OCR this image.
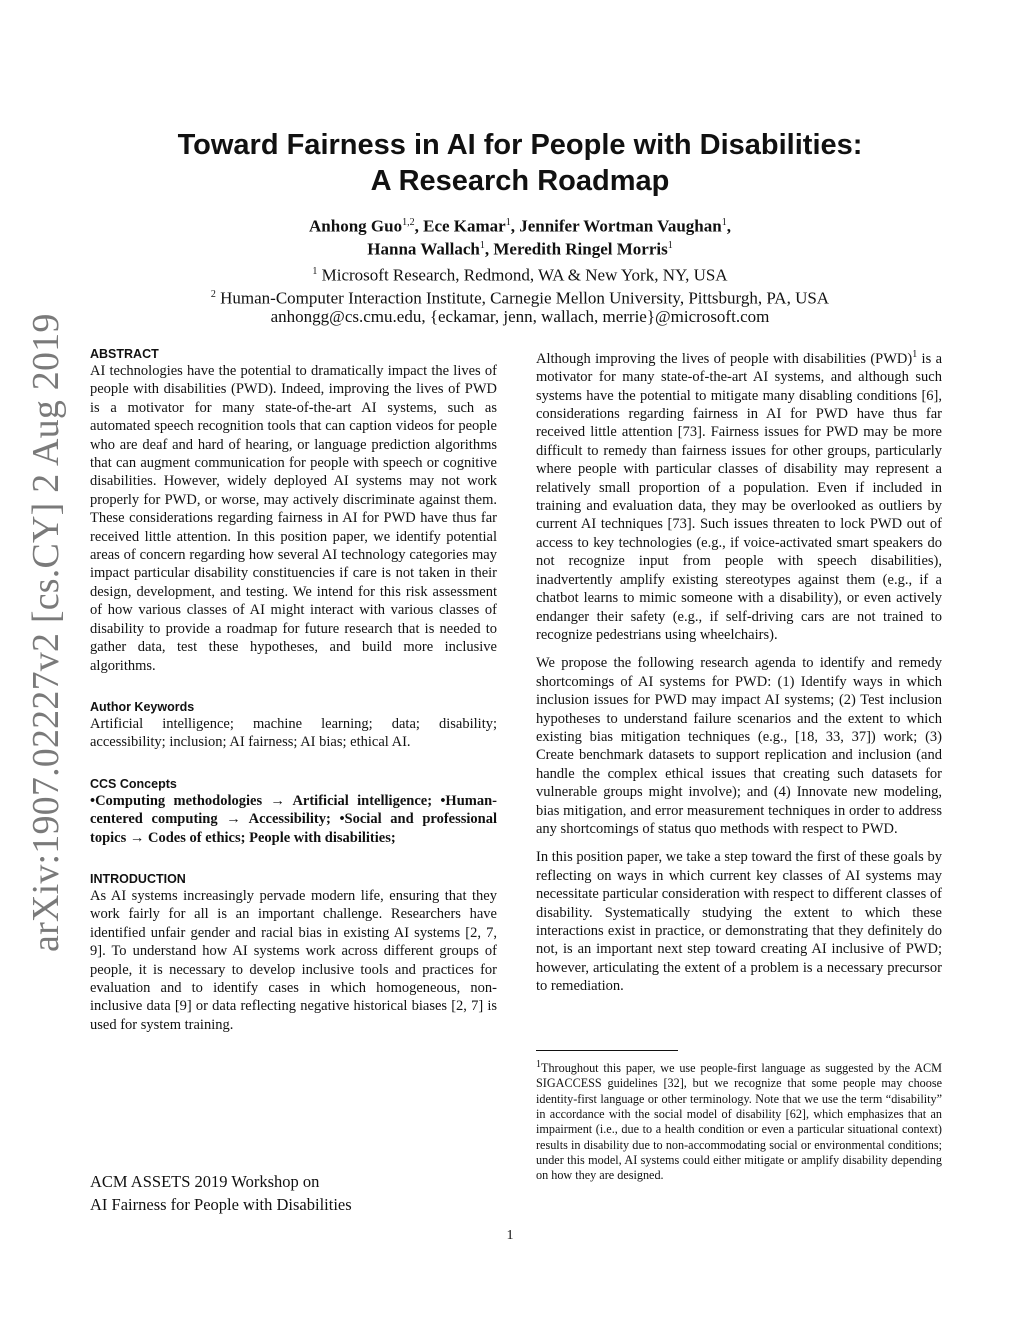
arXiv:1907.02227v2 [cs.CY] 2 Aug 2019
Toward Fairness in AI for People with Disabilities:
A Research Roadmap
Anhong Guo$^{1,2}$, Ece Kamar$^1$, Jennifer Wortman Vaughan$^1$,
Hanna Wallach$^1$, Meredith Ringel Morris$^1$
$^1$ Microsoft Research, Redmond, WA & New York, NY, USA
$^2$ Human-Computer Interaction Institute, Carnegie Mellon University, Pittsburgh, PA, USA
anhongg@cs.cmu.edu, {eckamar, jenn, wallach, merrie}@microsoft.com

ABSTRACT

AI technologies have the potential to dramatically impact the lives of people with disabilities (PWD). Indeed, improving the lives of PWD is a motivator for many state-of-the-art AI systems, such as automated speech recognition tools that can caption videos for people who are deaf and hard of hearing, or language prediction algorithms that can augment communication for people with speech or cognitive disabilities. However, widely deployed AI systems may not work properly for PWD, or worse, may actively discriminate against them. These considerations regarding fairness in AI for PWD have thus far received little attention. In this position paper, we identify potential areas of concern regarding how several AI technology categories may impact particular disability constituencies if care is not taken in their design, development, and testing. We intend for this risk assessment of how various classes of AI might interact with various classes of disability to provide a roadmap for future research that is needed to gather data, test these hypotheses, and build more inclusive algorithms.

Author Keywords

Artificial intelligence; machine learning; data; disability; accessibility; inclusion; AI fairness; AI bias; ethical AI.

CCS Concepts

•Computing methodologies → Artificial intelligence; •Human-centered computing → Accessibility; •Social and professional topics → Codes of ethics; People with disabilities;

INTRODUCTION

As AI systems increasingly pervade modern life, ensuring that they work fairly for all is an important challenge. Researchers have identified unfair gender and racial bias in existing AI systems [2, 7, 9]. To understand how AI systems work across different groups of people, it is necessary to develop inclusive tools and practices for evaluation and to identify cases in which homogeneous, non-inclusive data [9] or data reflecting negative historical biases [2, 7] is used for system training.

Although improving the lives of people with disabilities (PWD)$^1$ is a motivator for many state-of-the-art AI systems, and although such systems have the potential to mitigate many disabling conditions [6], considerations regarding fairness in AI for PWD have thus far received little attention [73]. Fairness issues for PWD may be more difficult to remedy than fairness issues for other groups, particularly where people with particular classes of disability may represent a relatively small proportion of a population. Even if included in training and evaluation data, they may be overlooked as outliers by current AI techniques [73]. Such issues threaten to lock PWD out of access to key technologies (e.g., if voice-activated smart speakers do not recognize input from people with speech disabilities), inadvertently amplify existing stereotypes against them (e.g., if a chatbot learns to mimic someone with a disability), or even actively endanger their safety (e.g., if self-driving cars are not trained to recognize pedestrians using wheelchairs).

We propose the following research agenda to identify and remedy shortcomings of AI systems for PWD: (1) Identify ways in which inclusion issues for PWD may impact AI systems; (2) Test inclusion hypotheses to understand failure scenarios and the extent to which existing bias mitigation techniques (e.g., [18, 33, 37]) work; (3) Create benchmark datasets to support replication and inclusion (and handle the complex ethical issues that creating such datasets for vulnerable groups might involve); and (4) Innovate new modeling, bias mitigation, and error measurement techniques in order to address any shortcomings of status quo methods with respect to PWD.

In this position paper, we take a step toward the first of these goals by reflecting on ways in which current key classes of AI systems may necessitate particular consideration with respect to different classes of disability. Systematically studying the extent to which these interactions exist in practice, or demonstrating that they definitely do not, is an important next step toward creating AI inclusive of PWD; however, articulating the extent of a problem is a necessary precursor to remediation.

$^1$Throughout this paper, we use people-first language as suggested by the ACM SIGACCESS guidelines [32], but we recognize that some people may choose identity-first language or other terminology. Note that we use the term “disability” in accordance with the social model of disability [62], which emphasizes that an impairment (i.e., due to a health condition or even a particular situational context) results in disability due to non-accommodating social or environmental conditions; under this model, AI systems could either mitigate or amplify disability depending on how they are designed.
ACM ASSETS 2019 Workshop on
AI Fairness for People with Disabilities
1
